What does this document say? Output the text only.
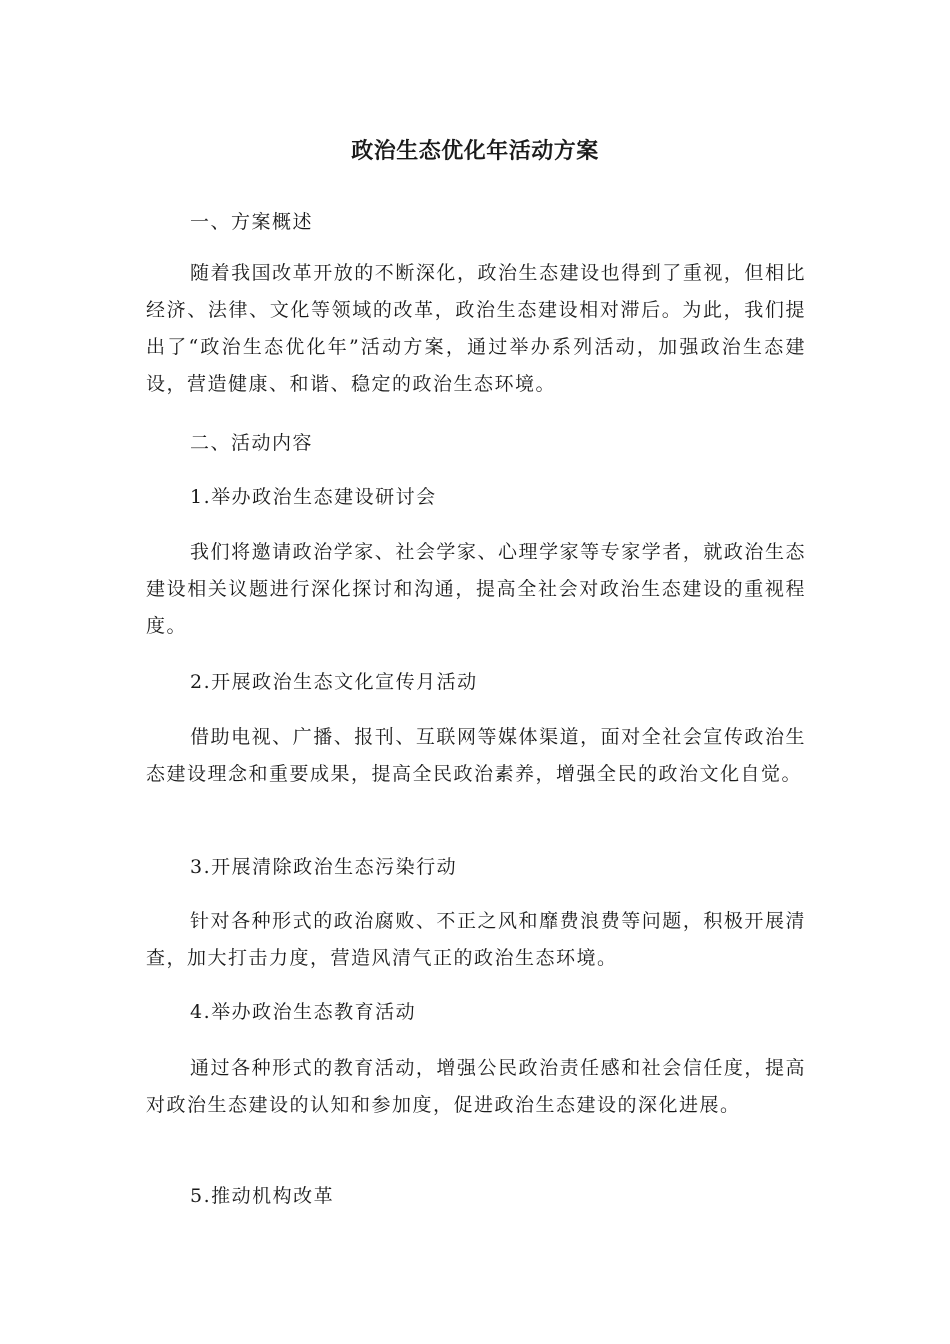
政治生态优化年活动方案
一、方案概述

随着我国改革开放的不断深化，政治生态建设也得到了重视，但相比经济、法律、文化等领域的改革，政治生态建设相对滞后。为此，我们提出了“政治生态优化年”活动方案，通过举办系列活动，加强政治生态建设，营造健康、和谐、稳定的政治生态环境。

二、活动内容
1.举办政治生态建设研讨会

我们将邀请政治学家、社会学家、心理学家等专家学者，就政治生态建设相关议题进行深化探讨和沟通，提高全社会对政治生态建设的重视程度。

2.开展政治生态文化宣传月活动

借助电视、广播、报刊、互联网等媒体渠道，面对全社会宣传政治生态建设理念和重要成果，提高全民政治素养，增强全民的政治文化自觉。

3.开展清除政治生态污染行动

针对各种形式的政治腐败、不正之风和靡费浪费等问题，积极开展清查，加大打击力度，营造风清气正的政治生态环境。

4.举办政治生态教育活动

通过各种形式的教育活动，增强公民政治责任感和社会信任度，提高对政治生态建设的认知和参加度，促进政治生态建设的深化进展。

5.推动机构改革
